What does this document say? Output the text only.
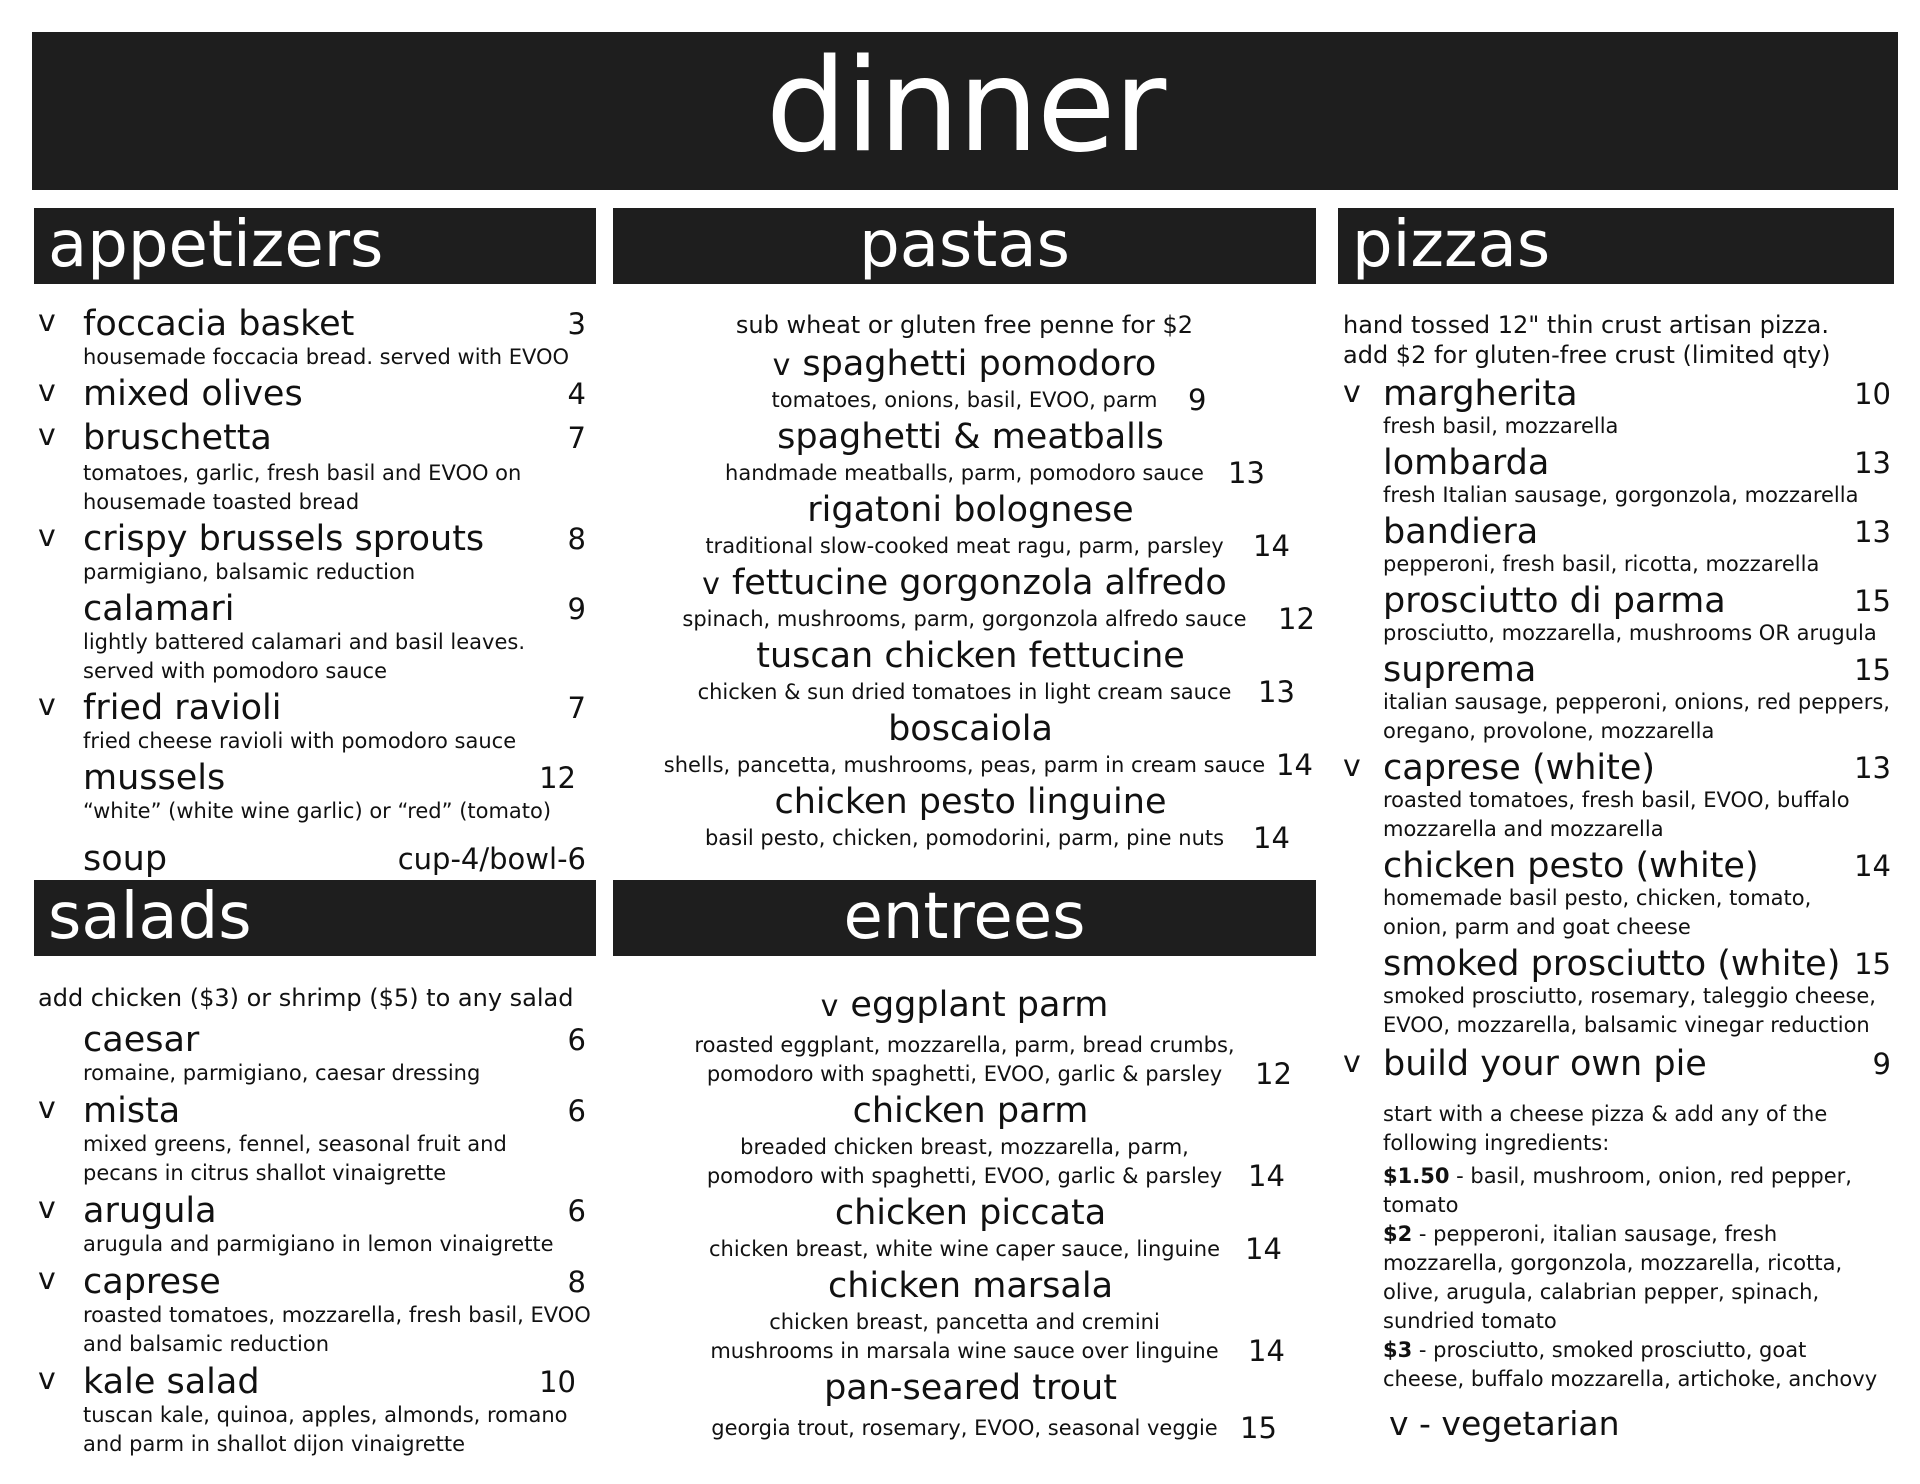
dinner
appetizers	pastas	pizzas
salads	entrees
v foccacia basket	3
housemade foccacia bread. served with EVOO
v mixed olives	4
v bruschetta	7
tomatoes, garlic, fresh basil and EVOO on
housemade toasted bread
v crispy brussels sprouts	8
parmigiano, balsamic reduction
calamari	9
lightly battered calamari and basil leaves.
served with pomodoro sauce
v fried ravioli	7
fried cheese ravioli with pomodoro sauce
mussels	12
“white” (white wine garlic) or “red” (tomato)
soup	cup-4/bowl-6
add chicken ($3) or shrimp ($5) to any salad
caesar	6
romaine, parmigiano, caesar dressing
v mista	6
mixed greens, fennel, seasonal fruit and
pecans in citrus shallot vinaigrette
v arugula	6
arugula and parmigiano in lemon vinaigrette
v caprese	8
roasted tomatoes, mozzarella, fresh basil, EVOO
and balsamic reduction
v kale salad	10
tuscan kale, quinoa, apples, almonds, romano
and parm in shallot dijon vinaigrette
sub wheat or gluten free penne for $2
v spaghetti pomodoro
tomatoes, onions, basil, EVOO, parm 9
spaghetti & meatballs
handmade meatballs, parm, pomodoro sauce 13
rigatoni bolognese
traditional slow-cooked meat ragu, parm, parsley 14
v fettucine gorgonzola alfredo
spinach, mushrooms, parm, gorgonzola alfredo sauce 12
tuscan chicken fettucine
chicken & sun dried tomatoes in light cream sauce 13
boscaiola
shells, pancetta, mushrooms, peas, parm in cream sauce 14
chicken pesto linguine
basil pesto, chicken, pomodorini, parm, pine nuts 14
v eggplant parm
roasted eggplant, mozzarella, parm, bread crumbs,
pomodoro with spaghetti, EVOO, garlic & parsley 12
chicken parm
breaded chicken breast, mozzarella, parm,
pomodoro with spaghetti, EVOO, garlic & parsley 14
chicken piccata
chicken breast, white wine caper sauce, linguine 14
chicken marsala
chicken breast, pancetta and cremini
mushrooms in marsala wine sauce over linguine 14
pan-seared trout
georgia trout, rosemary, EVOO, seasonal veggie 15
hand tossed 12" thin crust artisan pizza.
add $2 for gluten-free crust (limited qty)
v margherita	10
fresh basil, mozzarella
lombarda	13
fresh Italian sausage, gorgonzola, mozzarella
bandiera	13
pepperoni, fresh basil, ricotta, mozzarella
prosciutto di parma	15
prosciutto, mozzarella, mushrooms OR arugula
suprema	15
italian sausage, pepperoni, onions, red peppers,
oregano, provolone, mozzarella
v caprese (white)	13
roasted tomatoes, fresh basil, EVOO, buffalo
mozzarella and mozzarella
chicken pesto (white)	14
homemade basil pesto, chicken, tomato,
onion, parm and goat cheese
smoked prosciutto (white) 15
smoked prosciutto, rosemary, taleggio cheese,
EVOO, mozzarella, balsamic vinegar reduction
v build your own pie	9
start with a cheese pizza & add any of the
following ingredients:
$1.50 - basil, mushroom, onion, red pepper,
tomato
$2 - pepperoni, italian sausage, fresh
mozzarella, gorgonzola, mozzarella, ricotta,
olive, arugula, calabrian pepper, spinach,
sundried tomato
$3 - prosciutto, smoked prosciutto, goat
cheese, buffalo mozzarella, artichoke, anchovy
v - vegetarian
